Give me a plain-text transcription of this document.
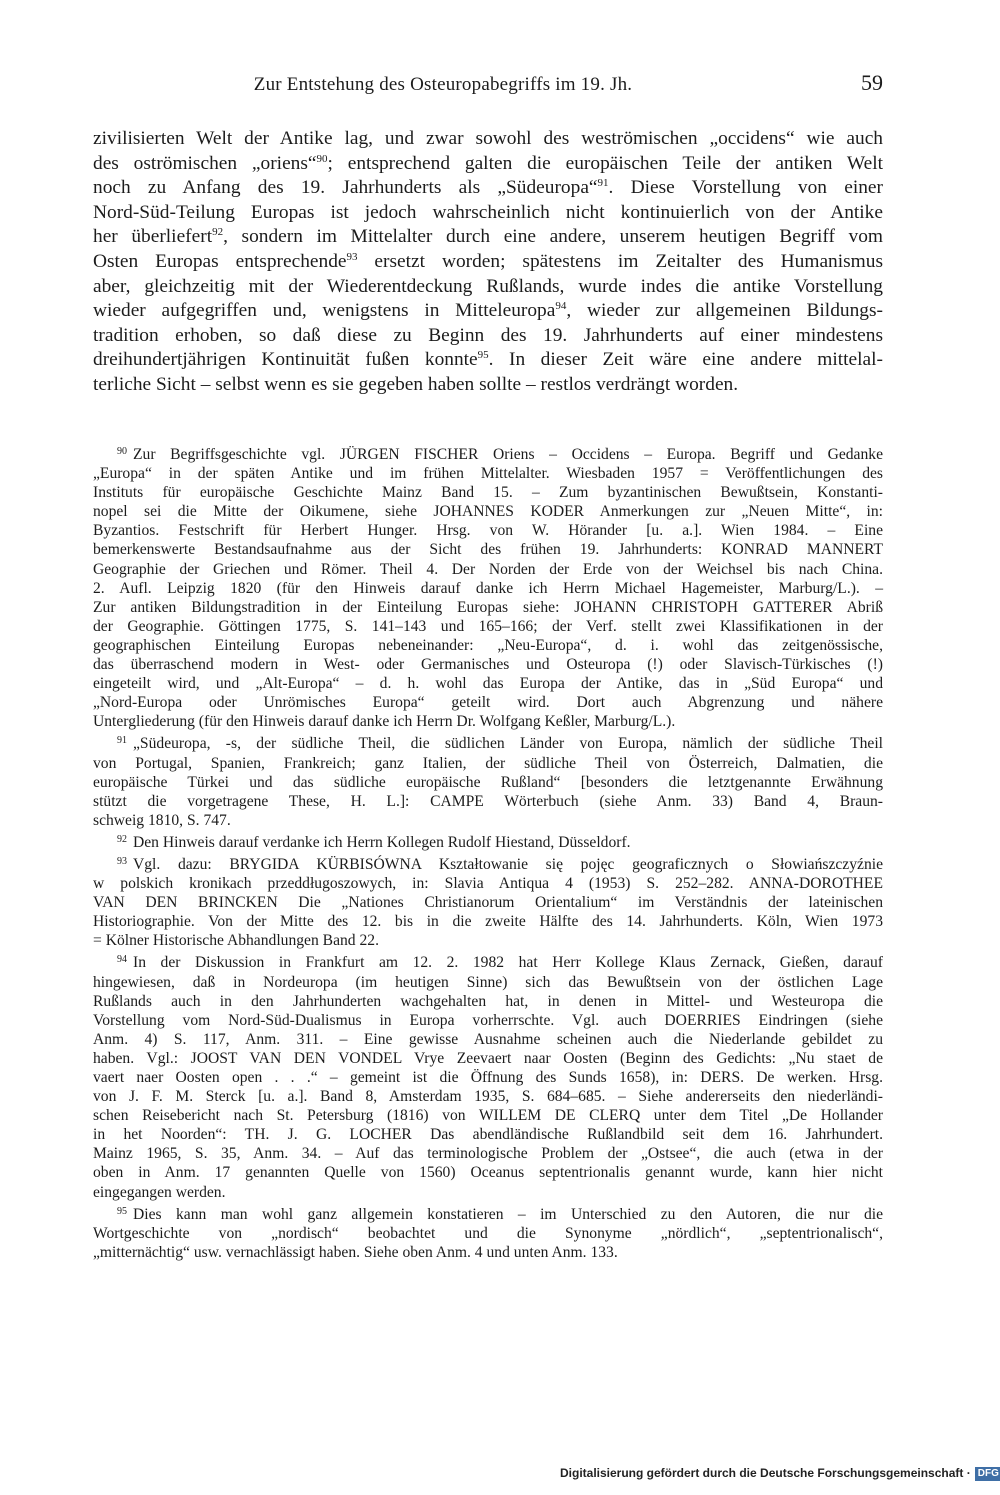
Zur Entstehung des Osteuropabegriffs im 19. Jh.	59

zivilisierten Welt der Antike lag, und zwar sowohl des weströmischen „occidens“ wie auch
des oströmischen „oriens“$^{90}$; entsprechend galten die europäischen Teile der antiken Welt
noch zu Anfang des 19. Jahrhunderts als „Südeuropa“$^{91}$. Diese Vorstellung von einer
Nord-Süd-Teilung Europas ist jedoch wahrscheinlich nicht kontinuierlich von der Antike
her überliefert$^{92}$, sondern im Mittelalter durch eine andere, unserem heutigen Begriff vom
Osten Europas entsprechende$^{93}$ ersetzt worden; spätestens im Zeitalter des Humanismus
aber, gleichzeitig mit der Wiederentdeckung Rußlands, wurde indes die antike Vorstellung
wieder aufgegriffen und, wenigstens in Mitteleuropa$^{94}$, wieder zur allgemeinen Bildungs-
tradition erhoben, so daß diese zu Beginn des 19. Jahrhunderts auf einer mindestens
dreihundertjährigen Kontinuität fußen konnte$^{95}$. In dieser Zeit wäre eine andere mittelal-
terliche Sicht – selbst wenn es sie gegeben haben sollte – restlos verdrängt worden.

$^{90}$ Zur Begriffsgeschichte vgl. JÜRGEN FISCHER Oriens – Occidens – Europa. Begriff und Gedanke
„Europa“ in der späten Antike und im frühen Mittelalter. Wiesbaden 1957 = Veröffentlichungen des
Instituts für europäische Geschichte Mainz Band 15. – Zum byzantinischen Bewußtsein, Konstanti-
nopel sei die Mitte der Oikumene, siehe JOHANNES KODER Anmerkungen zur „Neuen Mitte“, in:
Byzantios. Festschrift für Herbert Hunger. Hrsg. von W. Hörander [u. a.]. Wien 1984. – Eine
bemerkenswerte Bestandsaufnahme aus der Sicht des frühen 19. Jahrhunderts: KONRAD MANNERT
Geographie der Griechen und Römer. Theil 4. Der Norden der Erde von der Weichsel bis nach China.
2. Aufl. Leipzig 1820 (für den Hinweis darauf danke ich Herrn Michael Hagemeister, Marburg/L.). –
Zur antiken Bildungstradition in der Einteilung Europas siehe: JOHANN CHRISTOPH GATTERER Abriß
der Geographie. Göttingen 1775, S. 141–143 und 165–166; der Verf. stellt zwei Klassifikationen in der
geographischen Einteilung Europas nebeneinander: „Neu-Europa“, d. i. wohl das zeitgenössische,
das überraschend modern in West- oder Germanisches und Osteuropa (!) oder Slavisch-Türkisches (!)
eingeteilt wird, und „Alt-Europa“ – d. h. wohl das Europa der Antike, das in „Süd Europa“ und
„Nord-Europa oder Unrömisches Europa“ geteilt wird. Dort auch Abgrenzung und nähere
Untergliederung (für den Hinweis darauf danke ich Herrn Dr. Wolfgang Keßler, Marburg/L.).

$^{91}$ „Südeuropa, -s, der südliche Theil, die südlichen Länder von Europa, nämlich der südliche Theil
von Portugal, Spanien, Frankreich; ganz Italien, der südliche Theil von Österreich, Dalmatien, die
europäische Türkei und das südliche europäische Rußland“ [besonders die letztgenannte Erwähnung
stützt die vorgetragene These, H. L.]: CAMPE Wörterbuch (siehe Anm. 33) Band 4, Braun-
schweig 1810, S. 747.

$^{92}$ Den Hinweis darauf verdanke ich Herrn Kollegen Rudolf Hiestand, Düsseldorf.

$^{93}$ Vgl. dazu: BRYGIDA KÜRBISÓWNA Kształtowanie się pojęc geograficznych o Słowiańszczyźnie
w polskich kronikach przeddługoszowych, in: Slavia Antiqua 4 (1953) S. 252–282. ANNA-DOROTHEE
VAN DEN BRINCKEN Die „Nationes Christianorum Orientalium“ im Verständnis der lateinischen
Historiographie. Von der Mitte des 12. bis in die zweite Hälfte des 14. Jahrhunderts. Köln, Wien 1973
= Kölner Historische Abhandlungen Band 22.

$^{94}$ In der Diskussion in Frankfurt am 12. 2. 1982 hat Herr Kollege Klaus Zernack, Gießen, darauf
hingewiesen, daß in Nordeuropa (im heutigen Sinne) sich das Bewußtsein von der östlichen Lage
Rußlands auch in den Jahrhunderten wachgehalten hat, in denen in Mittel- und Westeuropa die
Vorstellung vom Nord-Süd-Dualismus in Europa vorherrschte. Vgl. auch DOERRIES Eindringen (siehe
Anm. 4) S. 117, Anm. 311. – Eine gewisse Ausnahme scheinen auch die Niederlande gebildet zu
haben. Vgl.: JOOST VAN DEN VONDEL Vrye Zeevaert naar Oosten (Beginn des Gedichts: „Nu staet de
vaert naer Oosten open . . .“ – gemeint ist die Öffnung des Sunds 1658), in: DERS. De werken. Hrsg.
von J. F. M. Sterck [u. a.]. Band 8, Amsterdam 1935, S. 684–685. – Siehe andererseits den niederländi-
schen Reisebericht nach St. Petersburg (1816) von WILLEM DE CLERQ unter dem Titel „De Hollander
in het Noorden“: TH. J. G. LOCHER Das abendländische Rußlandbild seit dem 16. Jahrhundert.
Mainz 1965, S. 35, Anm. 34. – Auf das terminologische Problem der „Ostsee“, die auch (etwa in der
oben in Anm. 17 genannten Quelle von 1560) Oceanus septentrionalis genannt wurde, kann hier nicht
eingegangen werden.

$^{95}$ Dies kann man wohl ganz allgemein konstatieren – im Unterschied zu den Autoren, die nur die
Wortgeschichte von „nordisch“ beobachtet und die Synonyme „nördlich“, „septentrionalisch“,
„mitternächtig“ usw. vernachlässigt haben. Siehe oben Anm. 4 und unten Anm. 133.

Digitalisierung gefördert durch die Deutsche Forschungsgemeinschaft · DFG
